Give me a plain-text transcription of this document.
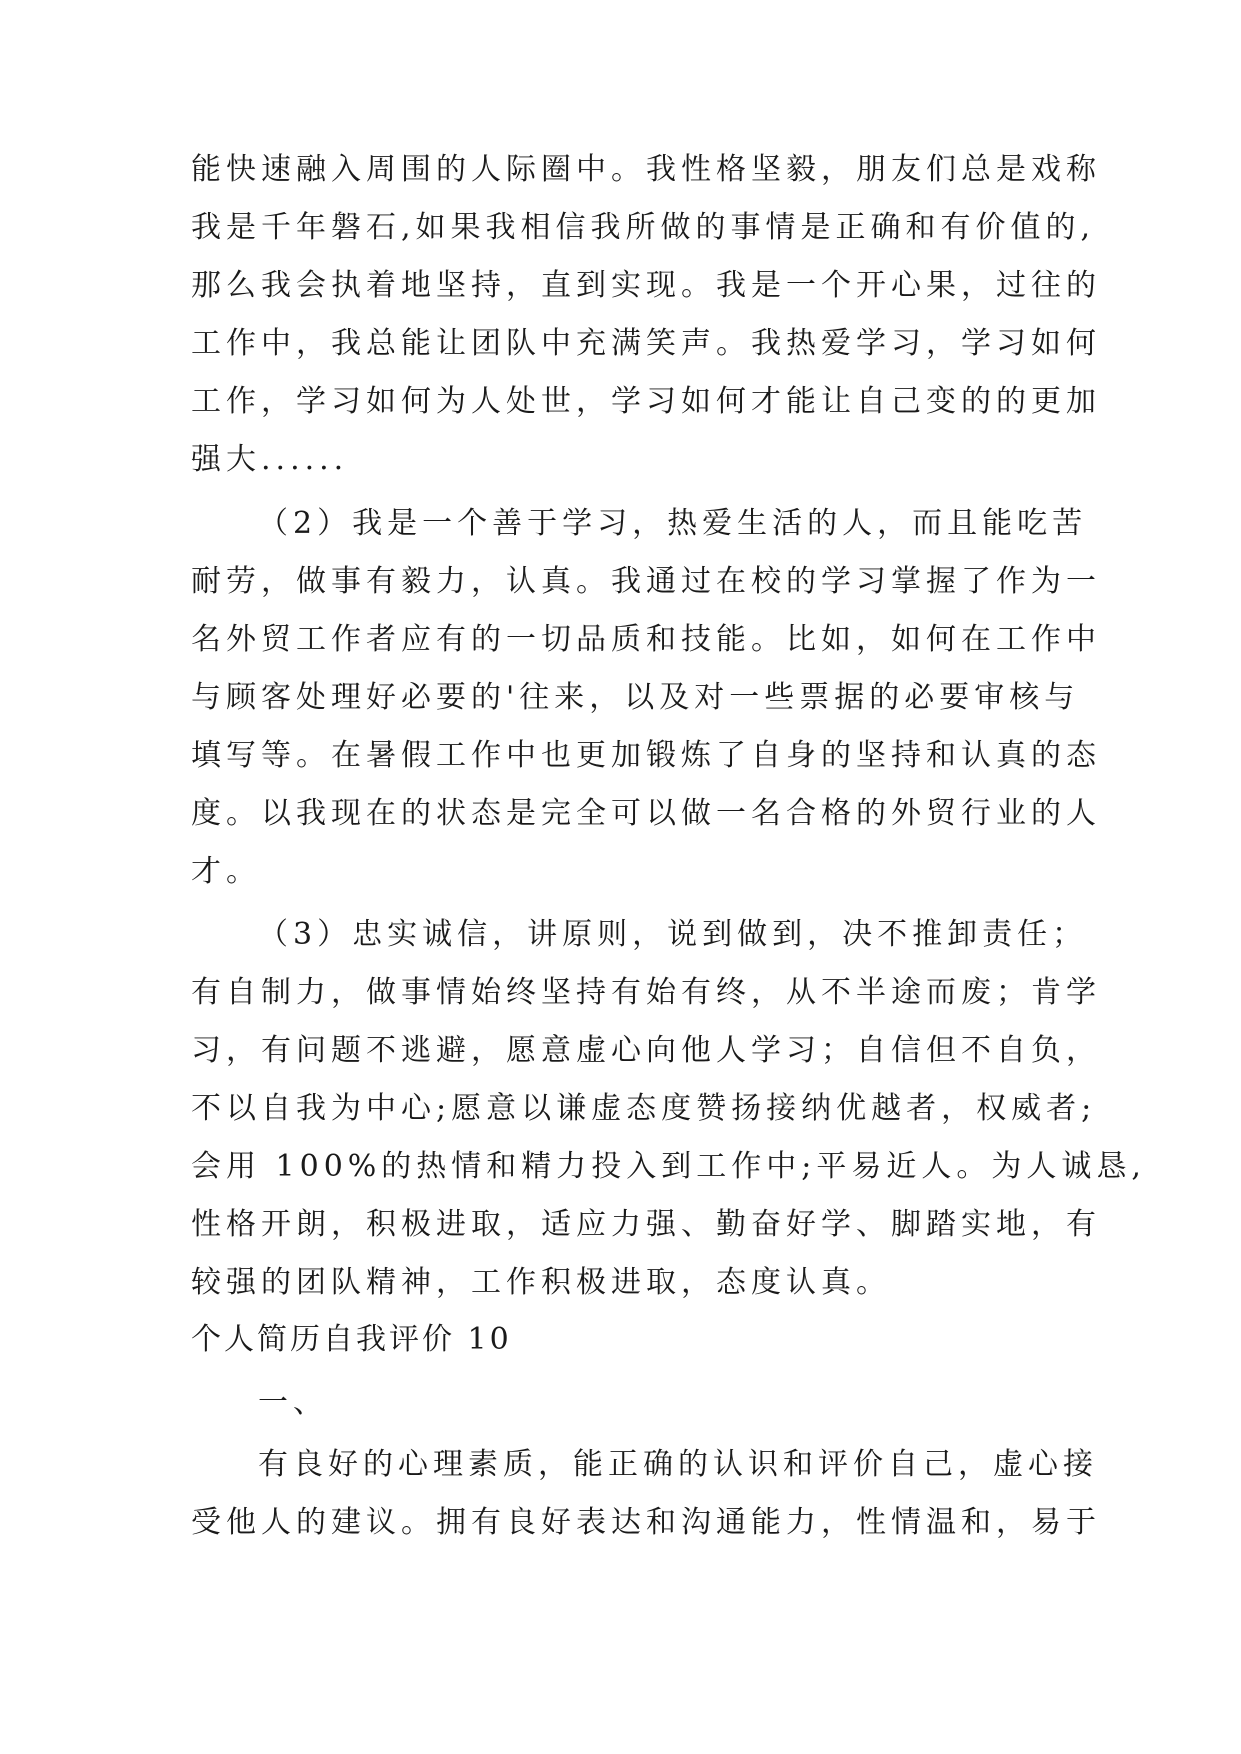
能快速融入周围的人际圈中。我性格坚毅，朋友们总是戏称
我是千年磐石,如果我相信我所做的事情是正确和有价值的,
那么我会执着地坚持，直到实现。我是一个开心果，过往的
工作中，我总能让团队中充满笑声。我热爱学习，学习如何
工作，学习如何为人处世，学习如何才能让自己变的的更加
强大......
（2）我是一个善于学习，热爱生活的人，而且能吃苦
耐劳，做事有毅力，认真。我通过在校的学习掌握了作为一
名外贸工作者应有的一切品质和技能。比如，如何在工作中
与顾客处理好必要的'往来，以及对一些票据的必要审核与
填写等。在暑假工作中也更加锻炼了自身的坚持和认真的态
度。以我现在的状态是完全可以做一名合格的外贸行业的人
才。
（3）忠实诚信，讲原则，说到做到，决不推卸责任；
有自制力，做事情始终坚持有始有终，从不半途而废；肯学
习，有问题不逃避，愿意虚心向他人学习；自信但不自负，
不以自我为中心;愿意以谦虚态度赞扬接纳优越者，权威者;
会用 100%的热情和精力投入到工作中;平易近人。为人诚恳,
性格开朗，积极进取，适应力强、勤奋好学、脚踏实地，有
较强的团队精神，工作积极进取，态度认真。
个人简历自我评价 10
一、
有良好的心理素质，能正确的认识和评价自己，虚心接
受他人的建议。拥有良好表达和沟通能力，性情温和，易于
